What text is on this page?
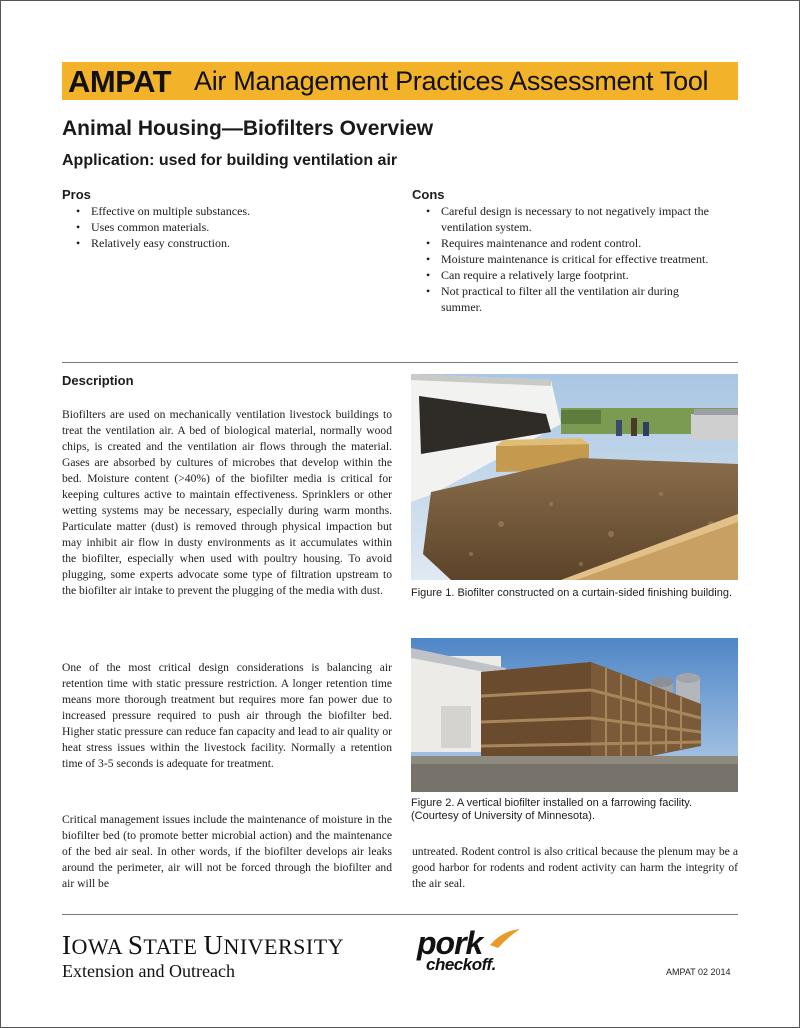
AMPAT Air Management Practices Assessment Tool
Animal Housing—Biofilters Overview
Application: used for building ventilation air
Pros
• Effective on multiple substances.
• Uses common materials.
• Relatively easy construction.
Cons
• Careful design is necessary to not negatively impact the ventilation system.
• Requires maintenance and rodent control.
• Moisture maintenance is critical for effective treatment.
• Can require a relatively large footprint.
• Not practical to filter all the ventilation air during summer.
Description

Biofilters are used on mechanically ventilation livestock buildings to treat the ventilation air. A bed of biological material, normally wood chips, is created and the ventilation air flows through the material. Gases are absorbed by cultures of microbes that develop within the bed. Moisture content (>40%) of the biofilter media is critical for keeping cultures active to maintain effectiveness. Sprinklers or other wetting systems may be necessary, especially during warm months. Particulate matter (dust) is removed through physical impaction but may inhibit air flow in dusty environments as it accumulates within the biofilter, especially when used with poultry housing. To avoid plugging, some experts advocate some type of filtration upstream to the biofilter air intake to prevent the plugging of the media with dust.

One of the most critical design considerations is balancing air retention time with static pressure restriction. A longer retention time means more thorough treatment but requires more fan power due to increased pressure required to push air through the biofilter bed. Higher static pressure can reduce fan capacity and lead to air quality or heat stress issues within the livestock facility. Normally a retention time of 3-5 seconds is adequate for treatment.

Critical management issues include the maintenance of moisture in the biofilter bed (to promote better microbial action) and the maintenance of the bed air seal. In other words, if the biofilter develops air leaks around the perimeter, air will not be forced through the biofilter and air will be

untreated. Rodent control is also critical because the plenum may be a good harbor for rodents and rodent activity can harm the integrity of the air seal.

Figure 1. Biofilter constructed on a curtain-sided finishing building.
Figure 2. A vertical biofilter installed on a farrowing facility. (Courtesy of University of Minnesota).
IOWA STATE UNIVERSITY
Extension and Outreach
pork
checkoff.	AMPAT 02 2014
